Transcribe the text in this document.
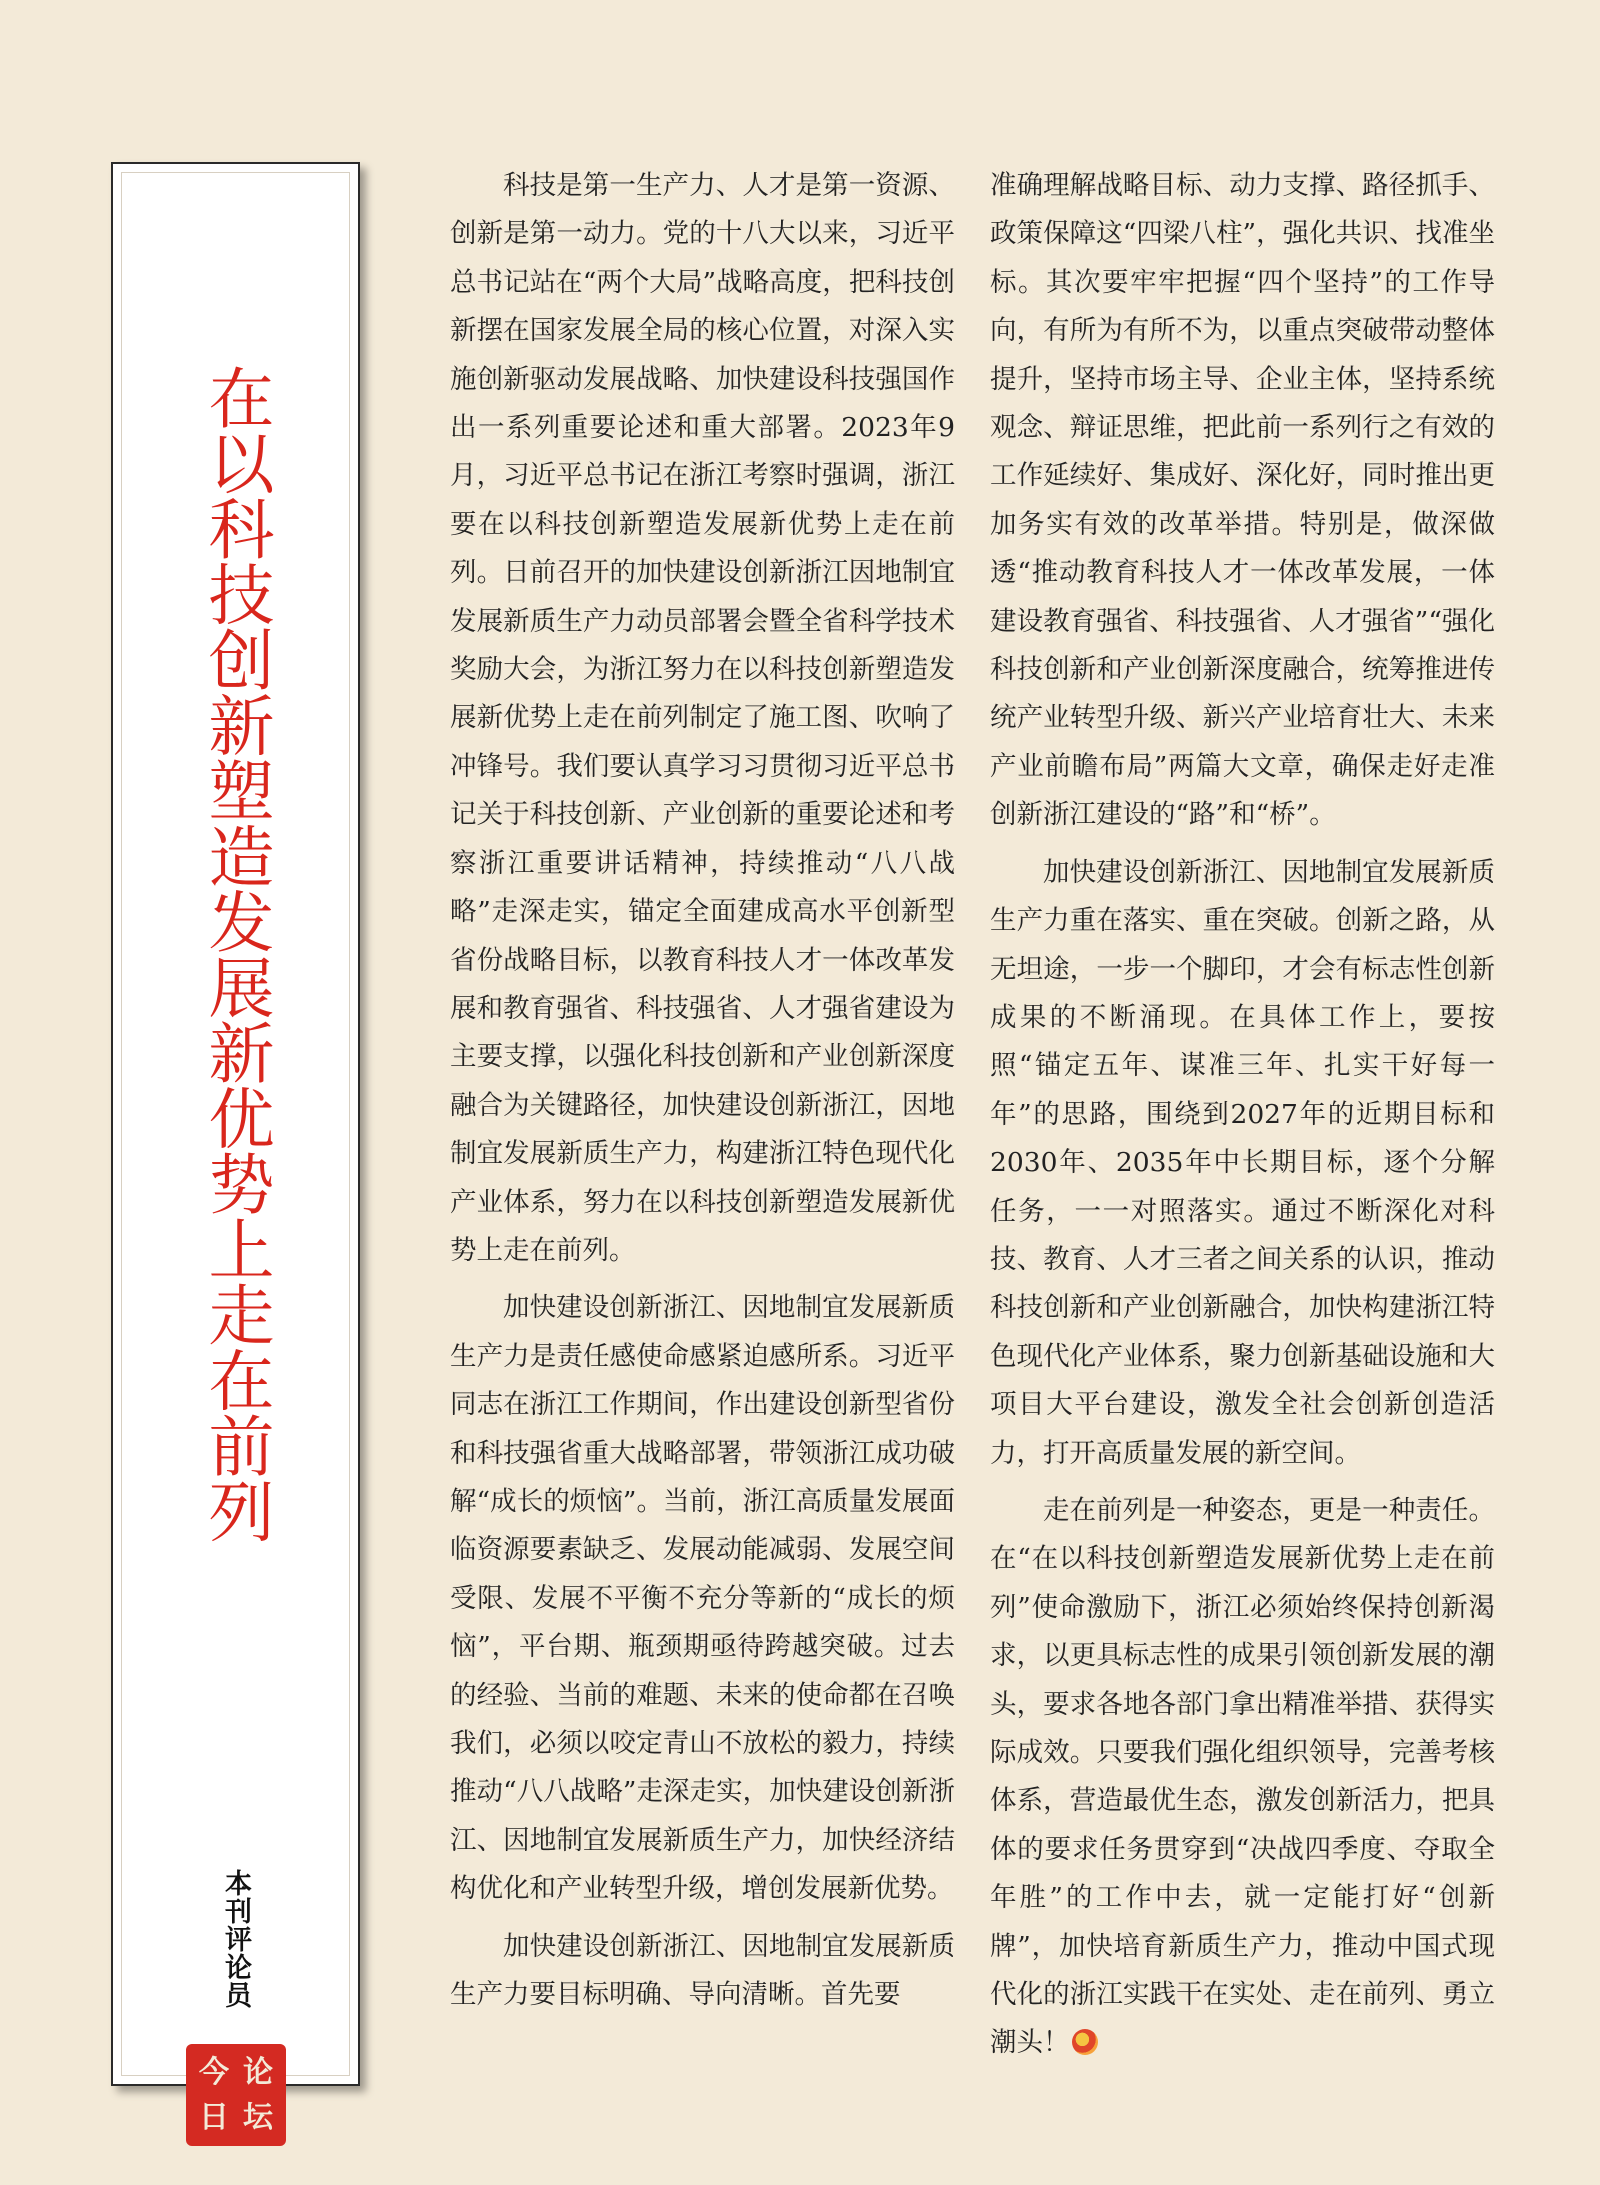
在以科技创新塑造发展新优势上走在前列
本刊评论员
今 论
日 坛

科技是第一生产力、人才是第一资源、创新是第一动力。党的十八大以来，习近平总书记站在“两个大局”战略高度，把科技创新摆在国家发展全局的核心位置，对深入实施创新驱动发展战略、加快建设科技强国作出一系列重要论述和重大部署。2023年9月，习近平总书记在浙江考察时强调，浙江要在以科技创新塑造发展新优势上走在前列。日前召开的加快建设创新浙江因地制宜发展新质生产力动员部署会暨全省科学技术奖励大会，为浙江努力在以科技创新塑造发展新优势上走在前列制定了施工图、吹响了冲锋号。我们要认真学习习贯彻习近平总书记关于科技创新、产业创新的重要论述和考察浙江重要讲话精神，持续推动“八八战略”走深走实，锚定全面建成高水平创新型省份战略目标，以教育科技人才一体改革发展和教育强省、科技强省、人才强省建设为主要支撑，以强化科技创新和产业创新深度融合为关键路径，加快建设创新浙江，因地制宜发展新质生产力，构建浙江特色现代化产业体系，努力在以科技创新塑造发展新优势上走在前列。

加快建设创新浙江、因地制宜发展新质生产力是责任感使命感紧迫感所系。习近平同志在浙江工作期间，作出建设创新型省份和科技强省重大战略部署，带领浙江成功破解“成长的烦恼”。当前，浙江高质量发展面临资源要素缺乏、发展动能减弱、发展空间受限、发展不平衡不充分等新的“成长的烦恼”，平台期、瓶颈期亟待跨越突破。过去的经验、当前的难题、未来的使命都在召唤我们，必须以咬定青山不放松的毅力，持续推动“八八战略”走深走实，加快建设创新浙江、因地制宜发展新质生产力，加快经济结构优化和产业转型升级，增创发展新优势。

加快建设创新浙江、因地制宜发展新质生产力要目标明确、导向清晰。首先要

准确理解战略目标、动力支撑、路径抓手、政策保障这“四梁八柱”，强化共识、找准坐标。其次要牢牢把握“四个坚持”的工作导向，有所为有所不为，以重点突破带动整体提升，坚持市场主导、企业主体，坚持系统观念、辩证思维，把此前一系列行之有效的工作延续好、集成好、深化好，同时推出更加务实有效的改革举措。特别是，做深做透“推动教育科技人才一体改革发展，一体建设教育强省、科技强省、人才强省”“强化科技创新和产业创新深度融合，统筹推进传统产业转型升级、新兴产业培育壮大、未来产业前瞻布局”两篇大文章，确保走好走准创新浙江建设的“路”和“桥”。

加快建设创新浙江、因地制宜发展新质生产力重在落实、重在突破。创新之路，从无坦途，一步一个脚印，才会有标志性创新成果的不断涌现。在具体工作上，要按照“锚定五年、谋准三年、扎实干好每一年”的思路，围绕到2027年的近期目标和2030年、2035年中长期目标，逐个分解任务，一一对照落实。通过不断深化对科技、教育、人才三者之间关系的认识，推动科技创新和产业创新融合，加快构建浙江特色现代化产业体系，聚力创新基础设施和大项目大平台建设，激发全社会创新创造活力，打开高质量发展的新空间。

走在前列是一种姿态，更是一种责任。在“在以科技创新塑造发展新优势上走在前列”使命激励下，浙江必须始终保持创新渴求，以更具标志性的成果引领创新发展的潮头，要求各地各部门拿出精准举措、获得实际成效。只要我们强化组织领导，完善考核体系，营造最优生态，激发创新活力，把具体的要求任务贯穿到“决战四季度、夺取全年胜”的工作中去，就一定能打好“创新牌”，加快培育新质生产力，推动中国式现代化的浙江实践干在实处、走在前列、勇立潮头！
